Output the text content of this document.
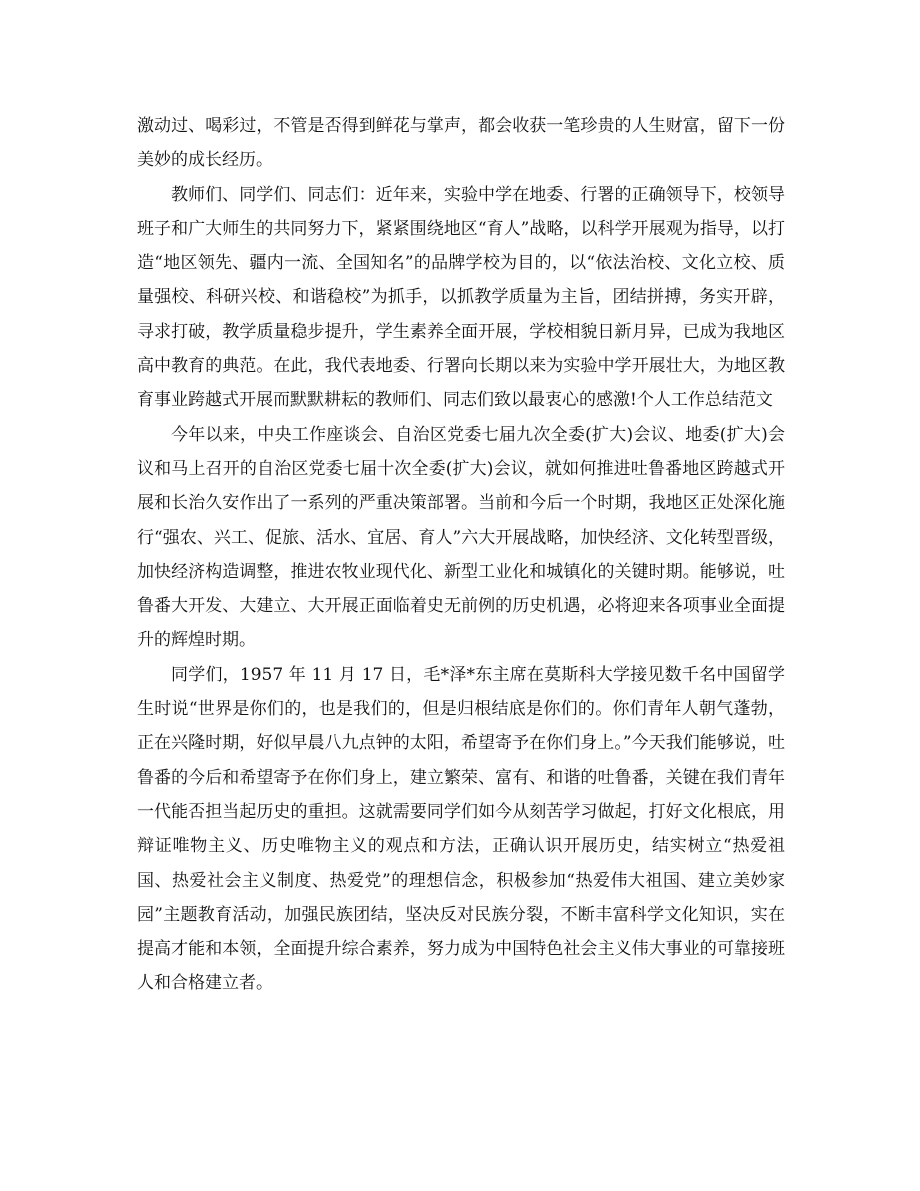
激动过、喝彩过，不管是否得到鲜花与掌声，都会收获一笔珍贵的人生财富，留下一份美妙的成长经历。

教师们、同学们、同志们：近年来，实验中学在地委、行署的正确领导下，校领导班子和广大师生的共同努力下，紧紧围绕地区“育人”战略，以科学开展观为指导，以打造“地区领先、疆内一流、全国知名”的品牌学校为目的，以“依法治校、文化立校、质量强校、科研兴校、和谐稳校”为抓手，以抓教学质量为主旨，团结拼搏，务实开辟，寻求打破，教学质量稳步提升，学生素养全面开展，学校相貌日新月异，已成为我地区高中教育的典范。在此，我代表地委、行署向长期以来为实验中学开展壮大，为地区教育事业跨越式开展而默默耕耘的教师们、同志们致以最衷心的感激!个人工作总结范文

今年以来，中央工作座谈会、自治区党委七届九次全委(扩大)会议、地委(扩大)会议和马上召开的自治区党委七届十次全委(扩大)会议，就如何推进吐鲁番地区跨越式开展和长治久安作出了一系列的严重决策部署。当前和今后一个时期，我地区正处深化施行“强农、兴工、促旅、活水、宜居、育人”六大开展战略，加快经济、文化转型晋级，加快经济构造调整，推进农牧业现代化、新型工业化和城镇化的关键时期。能够说，吐鲁番大开发、大建立、大开展正面临着史无前例的历史机遇，必将迎来各项事业全面提升的辉煌时期。

同学们，1957 年 11 月 17 日，毛*泽*东主席在莫斯科大学接见数千名中国留学生时说“世界是你们的，也是我们的，但是归根结底是你们的。你们青年人朝气蓬勃，正在兴隆时期，好似早晨八九点钟的太阳，希望寄予在你们身上。”今天我们能够说，吐鲁番的今后和希望寄予在你们身上，建立繁荣、富有、和谐的吐鲁番，关键在我们青年一代能否担当起历史的重担。这就需要同学们如今从刻苦学习做起，打好文化根底，用辩证唯物主义、历史唯物主义的观点和方法，正确认识开展历史，结实树立“热爱祖国、热爱社会主义制度、热爱党”的理想信念，积极参加“热爱伟大祖国、建立美妙家园”主题教育活动，加强民族团结，坚决反对民族分裂，不断丰富科学文化知识，实在提高才能和本领，全面提升综合素养，努力成为中国特色社会主义伟大事业的可靠接班人和合格建立者。
